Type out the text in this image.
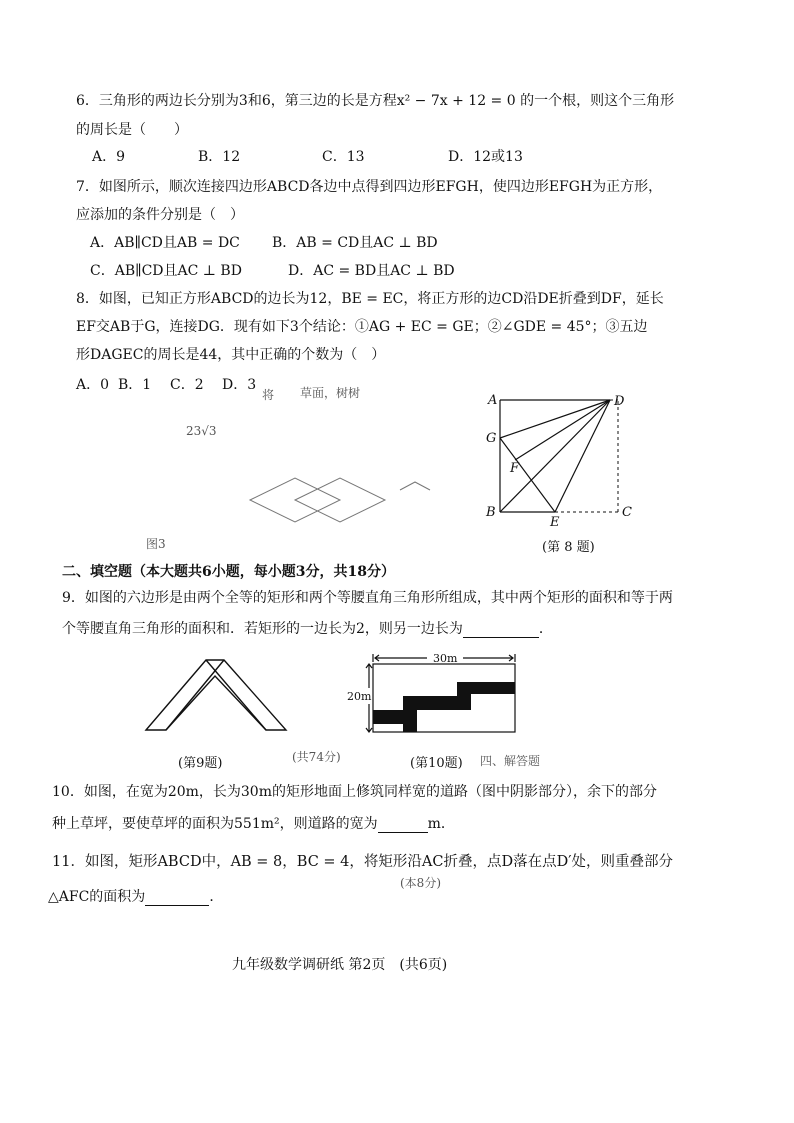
6．三角形的两边长分别为3和6，第三边的长是方程x² − 7x + 12 = 0 的一个根，则这个三角形
的周长是（　　）
A．9	B．12	C．13	D．12或13
7．如图所示，顺次连接四边形ABCD各边中点得到四边形EFGH，使四边形EFGH为正方形，
应添加的条件分别是（　）
A．AB∥CD且AB = DC B．AB = CD且AC ⊥ BD
C．AB∥CD且AC ⊥ BD	D．AC = BD且AC ⊥ BD
8．如图，已知正方形ABCD的边长为12，BE = EC，将正方形的边CD沿DE折叠到DF，延长
EF交AB于G，连接DG．现有如下3个结论：①AG + EC = GE；②∠GDE = 45°；③五边
形DAGEC的周长是44，其中正确的个数为（　）
A．0 B．1 C．2 D．3	草面，树树
将
23√3
图3
A	D
G
F
B
E
C
(第 8 题)
二、填空题（本大题共6小题，每小题3分，共18分）
9．如图的六边形是由两个全等的矩形和两个等腰直角三角形所组成，其中两个矩形的面积和等于两
个等腰直角三角形的面积和．若矩形的一边长为2，则另一边长为	．
(第9题)
30m
20m
(第10题)
(共74分)	四、解答题
10．如图，在宽为20m，长为30m的矩形地面上修筑同样宽的道路（图中阴影部分），余下的部分
种上草坪，要使草坪的面积为551m²，则道路的宽为	m．
11．如图，矩形ABCD中，AB = 8，BC = 4，将矩形沿AC折叠，点D落在点D′处，则重叠部分
(本8分)
△AFC的面积为	．
九年级数学调研纸 第2页　(共6页)
